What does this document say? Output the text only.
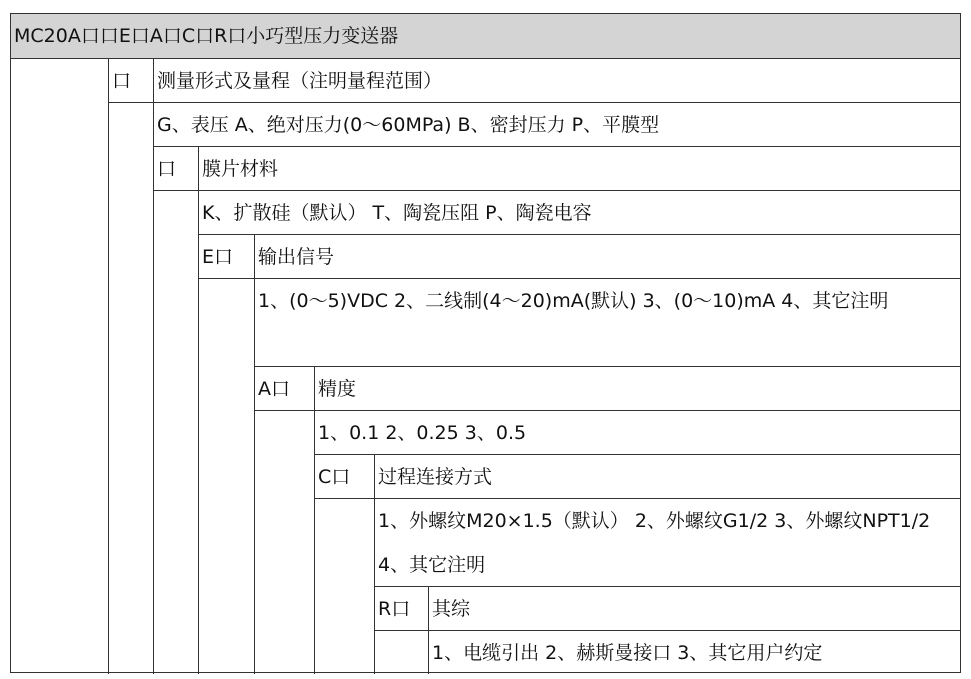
MC20A口口E口A口C口R口小巧型压力变送器
口	测量形式及量程（注明量程范围）
G、表压 A、绝对压力(0～60MPa) B、密封压力 P、平膜型
口	膜片材料
K、扩散硅（默认） T、陶瓷压阻 P、陶瓷电容
E口	输出信号
1、(0～5)VDC 2、二线制(4～20)mA(默认) 3、(0～10)mA 4、其它注明
A口	精度
1、0.1 2、0.25 3、0.5
C口	过程连接方式
1、外螺纹M20×1.5（默认） 2、外螺纹G1/2 3、外螺纹NPT1/2 4、其它注明
R口	其综
1、电缆引出 2、赫斯曼接口 3、其它用户约定
